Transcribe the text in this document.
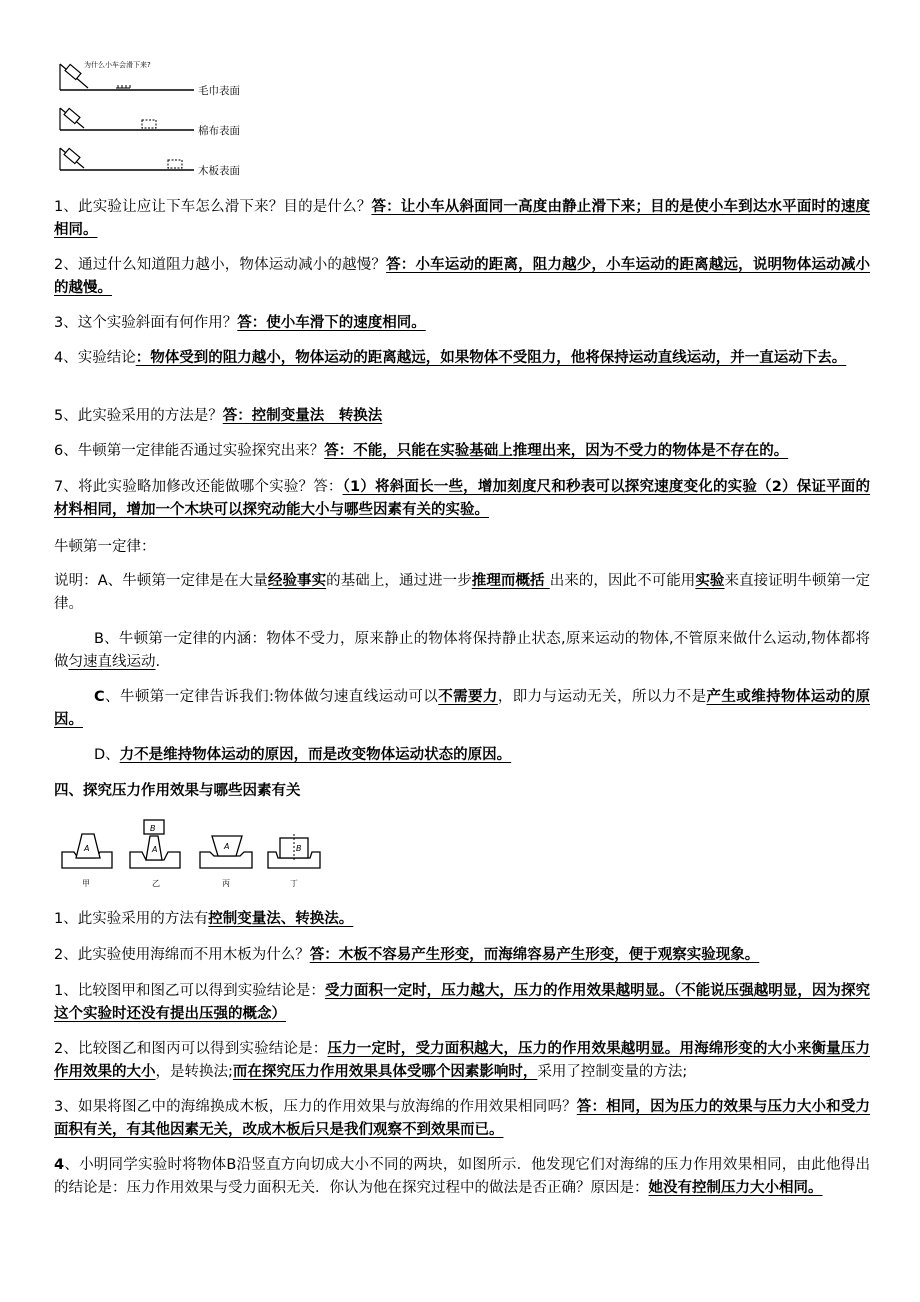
为什么小车会滑下来?
毛巾表面
棉布表面
木板表面

1、此实验让应让下车怎么滑下来？目的是什么？答：让小车从斜面同一高度由静止滑下来；目的是使小车到达水平面时的速度相同。

2、通过什么知道阻力越小，物体运动减小的越慢？答：小车运动的距离，阻力越少，小车运动的距离越远，说明物体运动减小的越慢。

3、这个实验斜面有何作用？答：使小车滑下的速度相同。

4、实验结论：物体受到的阻力越小，物体运动的距离越远，如果物体不受阻力，他将保持运动直线运动，并一直运动下去。

5、此实验采用的方法是？答：控制变量法　转换法

6、牛顿第一定律能否通过实验探究出来？答：不能，只能在实验基础上推理出来，因为不受力的物体是不存在的。

7、将此实验略加修改还能做哪个实验？答：（1）将斜面长一些，增加刻度尺和秒表可以探究速度变化的实验（2）保证平面的材料相同，增加一个木块可以探究动能大小与哪些因素有关的实验。

牛顿第一定律：

说明：A、牛顿第一定律是在大量经验事实的基础上，通过进一步推理而概括 出来的，因此不可能用实验来直接证明牛顿第一定律。

B、牛顿第一定律的内涵：物体不受力，原来静止的物体将保持静止状态,原来运动的物体,不管原来做什么运动,物体都将做匀速直线运动.

C、牛顿第一定律告诉我们:物体做匀速直线运动可以不需要力，即力与运动无关，所以力不是产生或维持物体运动的原因。

D、力不是维持物体运动的原因，而是改变物体运动状态的原因。

四、探究压力作用效果与哪些因素有关

A
甲
B
A
乙
A
丙
B
丁

1、此实验采用的方法有控制变量法、转换法。

2、此实验使用海绵而不用木板为什么？答：木板不容易产生形变，而海绵容易产生形变，便于观察实验现象。

1、比较图甲和图乙可以得到实验结论是：受力面积一定时，压力越大，压力的作用效果越明显。（不能说压强越明显，因为探究这个实验时还没有提出压强的概念）

2、比较图乙和图丙可以得到实验结论是：压力一定时，受力面积越大，压力的作用效果越明显。用海绵形变的大小来衡量压力作用效果的大小，是转换法;而在探究压力作用效果具体受哪个因素影响时，采用了控制变量的方法;

3、如果将图乙中的海绵换成木板，压力的作用效果与放海绵的作用效果相同吗？答：相同，因为压力的效果与压力大小和受力面积有关，有其他因素无关，改成木板后只是我们观察不到效果而已。

4、小明同学实验时将物体B沿竖直方向切成大小不同的两块，如图所示．他发现它们对海绵的压力作用效果相同，由此他得出的结论是：压力作用效果与受力面积无关．你认为他在探究过程中的做法是否正确？原因是：她没有控制压力大小相同。
